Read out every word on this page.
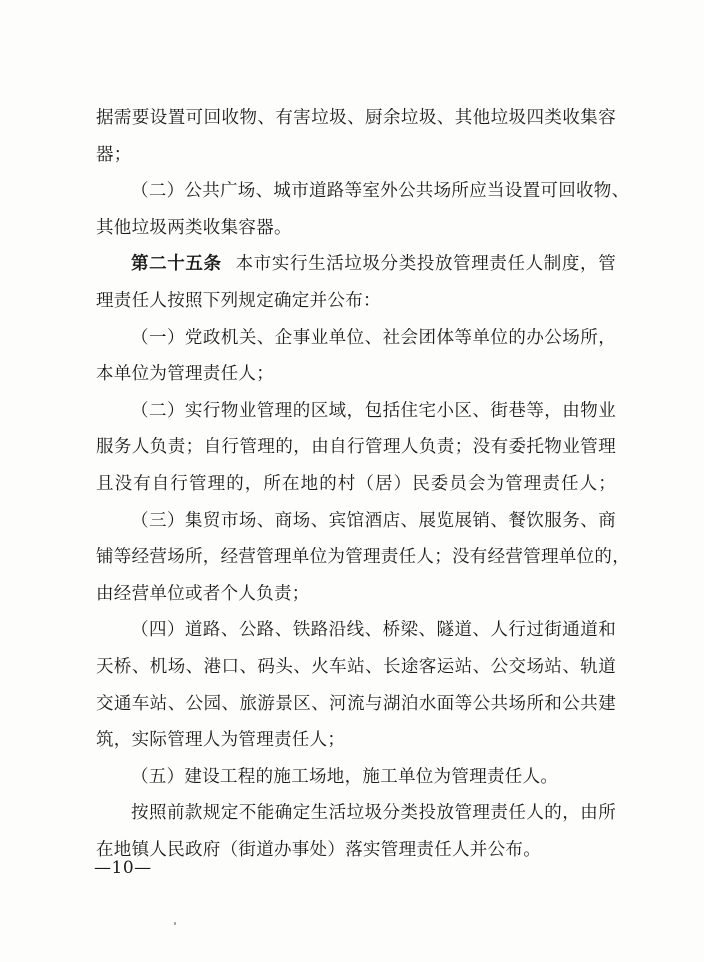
据需要设置可回收物、有害垃圾、厨余垃圾、其他垃圾四类收集容
器；
（二）公共广场、城市道路等室外公共场所应当设置可回收物、
其他垃圾两类收集容器。
第二十五条 本市实行生活垃圾分类投放管理责任人制度，管
理责任人按照下列规定确定并公布：
（一）党政机关、企事业单位、社会团体等单位的办公场所，
本单位为管理责任人；
（二）实行物业管理的区域，包括住宅小区、街巷等，由物业
服务人负责；自行管理的，由自行管理人负责；没有委托物业管理
且没有自行管理的，所在地的村（居）民委员会为管理责任人；
（三）集贸市场、商场、宾馆酒店、展览展销、餐饮服务、商
铺等经营场所，经营管理单位为管理责任人；没有经营管理单位的，
由经营单位或者个人负责；
（四）道路、公路、铁路沿线、桥梁、隧道、人行过街通道和
天桥、机场、港口、码头、火车站、长途客运站、公交场站、轨道
交通车站、公园、旅游景区、河流与湖泊水面等公共场所和公共建
筑，实际管理人为管理责任人；
（五）建设工程的施工场地，施工单位为管理责任人。
按照前款规定不能确定生活垃圾分类投放管理责任人的，由所
在地镇人民政府（街道办事处）落实管理责任人并公布。
—10—
